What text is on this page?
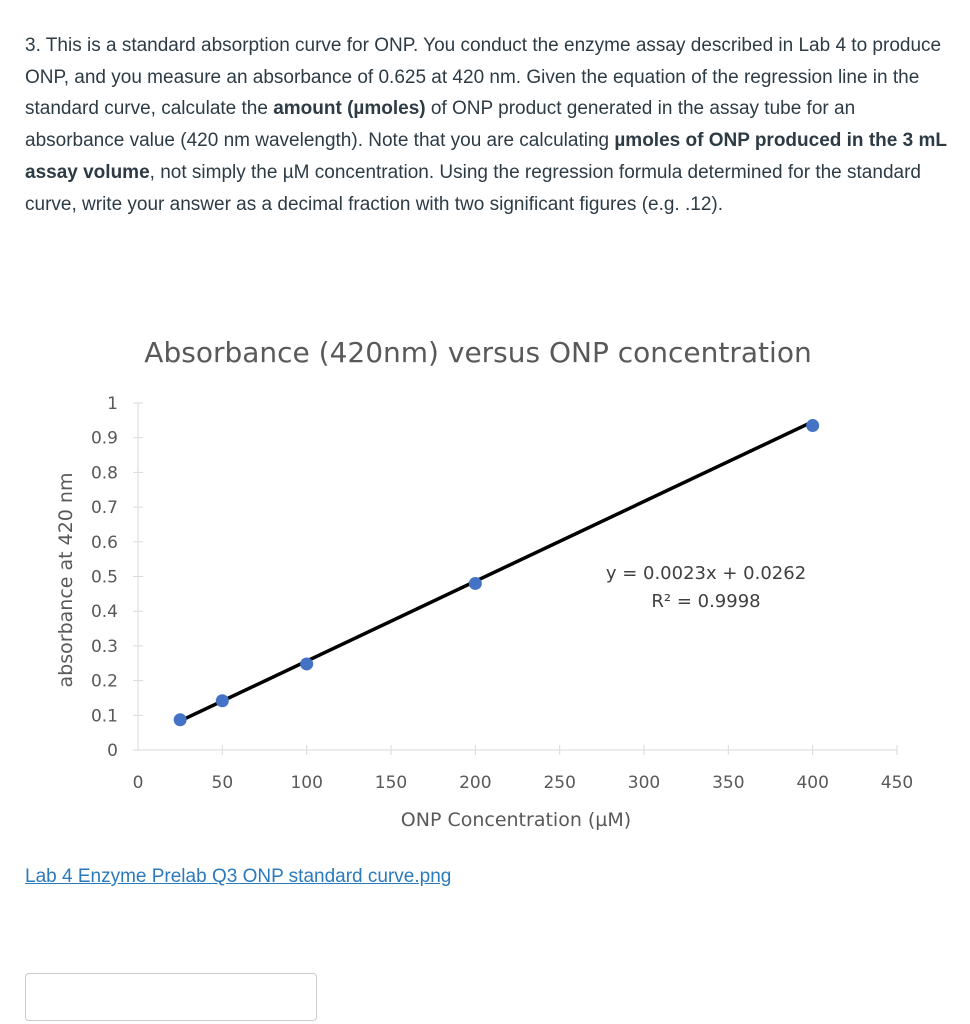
3. This is a standard absorption curve for ONP. You conduct the enzyme assay described in Lab 4 to produce ONP, and you measure an absorbance of 0.625 at 420 nm. Given the equation of the regression line in the standard curve, calculate the amount (µmoles) of ONP product generated in the assay tube for an absorbance value (420 nm wavelength). Note that you are calculating µmoles of ONP produced in the 3 mL assay volume, not simply the µM concentration. Using the regression formula determined for the standard curve, write your answer as a decimal fraction with two significant figures (e.g. .12).

Absorbance (420nm) versus ONP concentration
absorbance at 420 nm
ONP Concentration (µM)
0
0.1
0.2
0.3
0.4
0.5
0.6
0.7
0.8
0.9
1
0	50	100	150	200	250	300	350	400	450
y = 0.0023x + 0.0262
R² = 0.9998
Lab 4 Enzyme Prelab Q3 ONP standard curve.png
